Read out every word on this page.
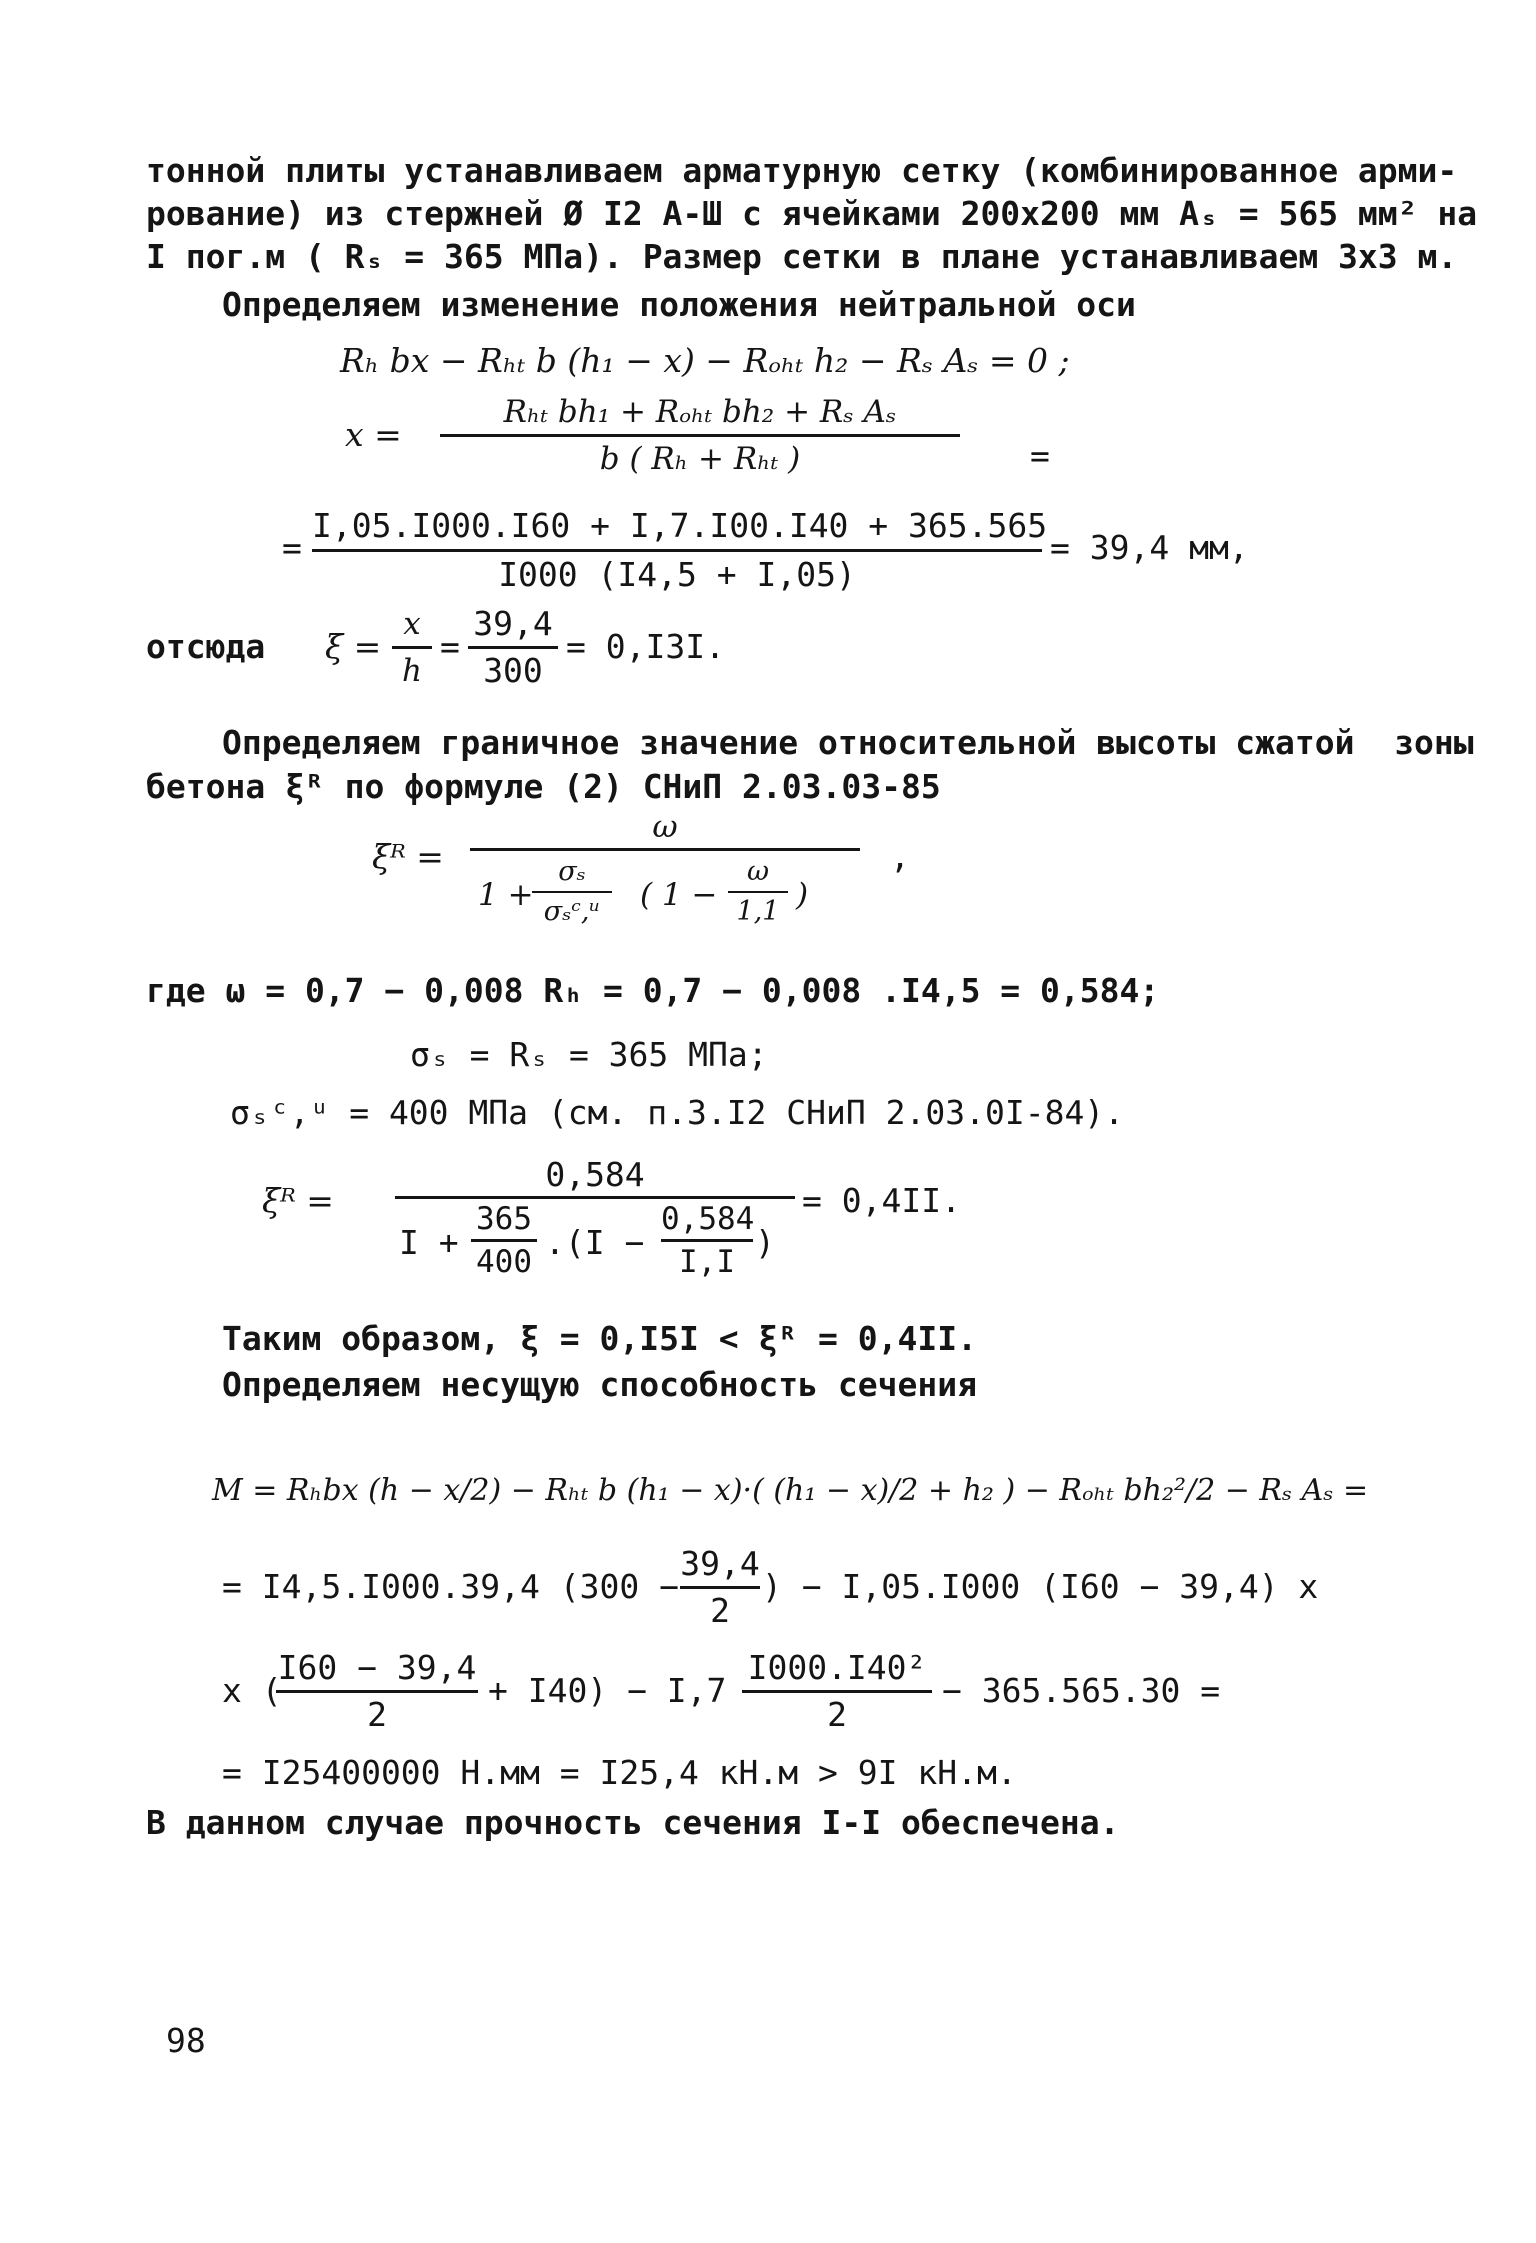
тонной плиты устанавливаем арматурную сетку (комбинированное арми-
рование) из стержней Ø I2 А-Ш с ячейками 200х200 мм Aₛ = 565 мм² на
I пог.м ( Rₛ = 365 МПа). Размер сетки в плане устанавливаем 3х3 м.
Определяем изменение положения нейтральной оси
Rₕ bx − Rₕₜ b (h₁ − x) − Rₒₕₜ h₂ − Rₛ Aₛ = 0 ;
x =
Rₕₜ bh₁ + Rₒₕₜ bh₂ + Rₛ Aₛ
b ( Rₕ + Rₕₜ )	=
=
I,05.I000.I60 + I,7.I00.I40 + 365.565
I000 (I4,5 + I,05)
= 39,4 мм,
отсюда ξ =
x
h
=
39,4
300
= 0,I3I.
Определяем граничное значение относительной высоты сжатой  зоны
бетона ξᴿ по формуле (2) СНиП 2.03.03-85
ξᴿ =
ω
1 +
σₛ
σₛᶜ,ᵘ	( 1 −
ω
1,1 )
,
где ω = 0,7 − 0,008 Rₕ = 0,7 − 0,008 .I4,5 = 0,584;
σₛ = Rₛ = 365 МПа;
σₛᶜ,ᵘ = 400 МПа (см. п.3.I2 СНиП 2.03.0I-84).
ξᴿ =
0,584
I +
365
400 .(I −
0,584
I,I )
= 0,4II.
Таким образом, ξ = 0,I5I < ξᴿ = 0,4II.
Определяем несущую способность сечения
M = Rₕbx (h − x/2) − Rₕₜ b (h₁ − x)·( (h₁ − x)/2 + h₂ ) − Rₒₕₜ bh₂²/2 − Rₛ Aₛ =
= I4,5.I000.39,4 (300 −
39,4
2
) − I,05.I000 (I60 − 39,4) x
x (
I60 − 39,4
2
+ I40) − I,7
I000.I40²
2
− 365.565.30 =
= I25400000 Н.мм = I25,4 кН.м > 9I кН.м.
В данном случае прочность сечения I-I обеспечена.
98
